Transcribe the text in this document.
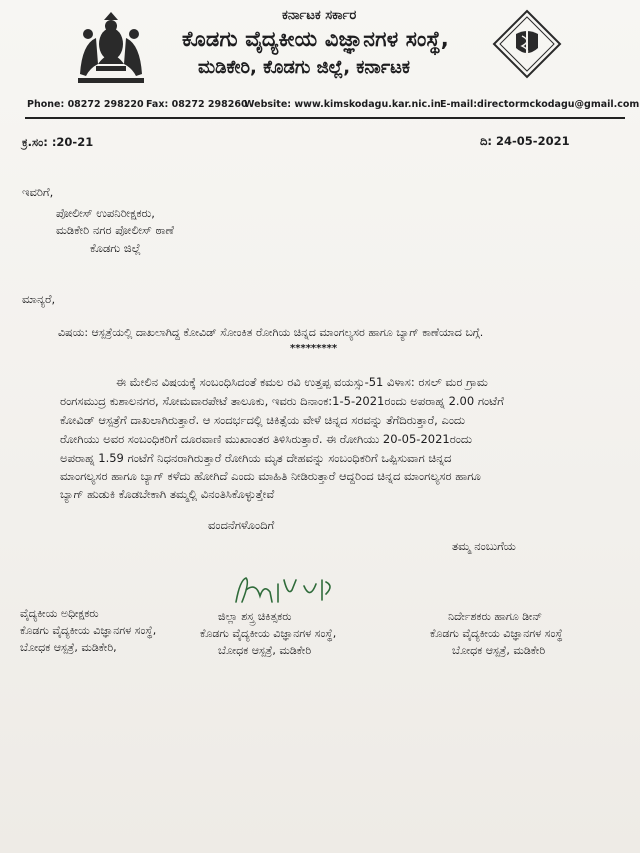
ಕರ್ನಾಟಕ ಸರ್ಕಾರ
ಕೊಡಗು ವೈದ್ಯಕೀಯ ವಿಜ್ಞಾನಗಳ ಸಂಸ್ಥೆ,
ಮಡಿಕೇರಿ, ಕೊಡಗು ಜಿಲ್ಲೆ, ಕರ್ನಾಟಕ
Phone: 08272 298220 Fax: 08272 298260
Website: www.kimskodagu.kar.nic.in E-mail:directormckodagu@gmail.com
ಕ್ರ.ಸಂ: :20-21	ದಿ: 24-05-2021
ಇವರಿಗೆ,
ಪೋಲೀಸ್ ಉಪನಿರೀಕ್ಷಕರು,
ಮಡಿಕೇರಿ ನಗರ ಪೋಲೀಸ್ ಠಾಣೆ
ಕೊಡಗು ಜಿಲ್ಲೆ
ಮಾನ್ಯರೆ,
ವಿಷಯ: ಆಸ್ಪತ್ರೆಯಲ್ಲಿ ದಾಖಲಾಗಿದ್ದ ಕೋವಿಡ್ ಸೋಂಕಿತ ರೋಗಿಯ ಚಿನ್ನದ ಮಾಂಗಲ್ಯಸರ ಹಾಗೂ ಬ್ಯಾಗ್ ಕಾಣೆಯಾದ ಬಗ್ಗೆ.
*********
ಈ ಮೇಲಿನ ವಿಷಯಕ್ಕೆ ಸಂಬಂಧಿಸಿದಂತೆ ಕಮಲ ರವಿ ಉತ್ತಪ್ಪ ವಯಸ್ಸು-51 ವಿಳಾಸ: ರಸಲ್ ಮರ ಗ್ರಾಮ
ರಂಗಸಮುದ್ರ ಕುಶಾಲನಗರ, ಸೋಮವಾರಪೇಟೆ ತಾಲೂಕು, ಇವರು ದಿನಾಂಕ:1-5-2021ರಂದು ಅಪರಾಹ್ನ 2.00 ಗಂಟೆಗೆ
ಕೋವಿಡ್ ಆಸ್ಪತ್ರೆಗೆ ದಾಖಲಾಗಿರುತ್ತಾರೆ. ಆ ಸಂದರ್ಭದಲ್ಲಿ ಚಿಕಿತ್ಸೆಯ ವೇಳೆ ಚಿನ್ನದ ಸರವನ್ನು ತೆಗೆದಿರುತ್ತಾರೆ, ಎಂದು
ರೋಗಿಯು ಅವರ ಸಂಬಂಧಿಕರಿಗೆ ದೂರವಾಣಿ ಮುಖಾಂತರ ತಿಳಿಸಿರುತ್ತಾರೆ. ಈ ರೋಗಿಯು 20-05-2021ರಂದು
ಅಪರಾಹ್ನ 1.59 ಗಂಟೆಗೆ ನಿಧನರಾಗಿರುತ್ತಾರೆ ರೋಗಿಯ ಮೃತ ದೇಹವನ್ನು ಸಂಬಂಧಿಕರಿಗೆ ಒಪ್ಪಿಸುವಾಗ ಚಿನ್ನದ
ಮಾಂಗಲ್ಯಸರ ಹಾಗೂ ಬ್ಯಾಗ್ ಕಳೆದು ಹೋಗಿದೆ ಎಂದು ಮಾಹಿತಿ ನೀಡಿರುತ್ತಾರೆ ಆದ್ದರಿಂದ ಚಿನ್ನದ ಮಾಂಗಲ್ಯಸರ ಹಾಗೂ
ಬ್ಯಾಗ್ ಹುಡುಕಿ ಕೊಡಬೇಕಾಗಿ ತಮ್ಮಲ್ಲಿ ವಿನಂತಿಸಿಕೊಳ್ಳುತ್ತೇವೆ
ವಂದನೆಗಳೊಂದಿಗೆ
ತಮ್ಮ ನಂಬುಗೆಯ
ವೈದ್ಯಕೀಯ ಅಧೀಕ್ಷಕರು
ಕೊಡಗು ವೈದ್ಯಕೀಯ ವಿಜ್ಞಾನಗಳ ಸಂಸ್ಥೆ,
ಬೋಧಕ ಆಸ್ಪತ್ರೆ, ಮಡಿಕೇರಿ,
ಜಿಲ್ಲಾ ಶಸ್ತ್ರ ಚಿಕಿತ್ಸಕರು
ಕೊಡಗು ವೈದ್ಯಕೀಯ ವಿಜ್ಞಾನಗಳ ಸಂಸ್ಥೆ,
ಬೋಧಕ ಆಸ್ಪತ್ರೆ, ಮಡಿಕೇರಿ
ನಿರ್ದೇಶಕರು ಹಾಗೂ ಡೀನ್
ಕೊಡಗು ವೈದ್ಯಕೀಯ ವಿಜ್ಞಾನಗಳ ಸಂಸ್ಥೆ
ಬೋಧಕ ಆಸ್ಪತ್ರೆ, ಮಡಿಕೇರಿ
